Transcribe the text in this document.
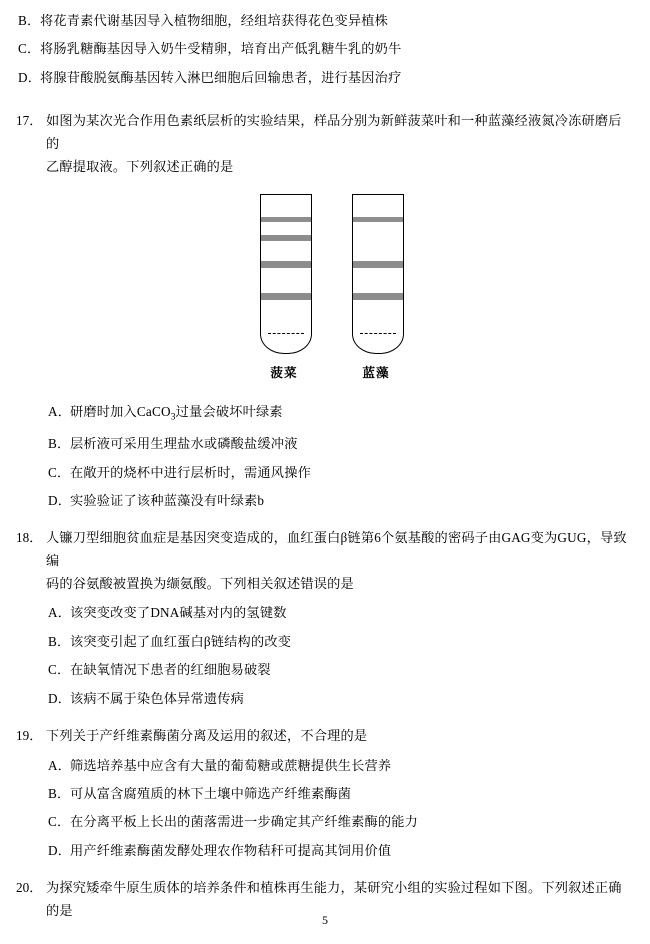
B．将花青素代谢基因导入植物细胞，经组培获得花色变异植株

C．将肠乳糖酶基因导入奶牛受精卵，培育出产低乳糖牛乳的奶牛

D．将腺苷酸脱氨酶基因转入淋巴细胞后回输患者，进行基因治疗

17． 如图为某次光合作用色素纸层析的实验结果，样品分别为新鲜菠菜叶和一种蓝藻经液氮冷冻研磨后的
乙醇提取液。下列叙述正确的是

菠菜	蓝藻

A．研磨时加入CaCO$_3$过量会破坏叶绿素

B．层析液可采用生理盐水或磷酸盐缓冲液

C．在敞开的烧杯中进行层析时，需通风操作

D．实验验证了该种蓝藻没有叶绿素b

18． 人镰刀型细胞贫血症是基因突变造成的，血红蛋白β链第6个氨基酸的密码子由GAG变为GUG，导致编
码的谷氨酸被置换为缬氨酸。下列相关叙述错误的是

A．该突变改变了DNA碱基对内的氢键数

B．该突变引起了血红蛋白β链结构的改变

C．在缺氧情况下患者的红细胞易破裂

D．该病不属于染色体异常遗传病

19． 下列关于产纤维素酶菌分离及运用的叙述，不合理的是

A．筛选培养基中应含有大量的葡萄糖或蔗糖提供生长营养

B．可从富含腐殖质的林下土壤中筛选产纤维素酶菌

C．在分离平板上长出的菌落需进一步确定其产纤维素酶的能力

D．用产纤维素酶菌发酵处理农作物秸秆可提高其饲用价值

20． 为探究矮牵牛原生质体的培养条件和植株再生能力，某研究小组的实验过程如下图。下列叙述正确的是

5
